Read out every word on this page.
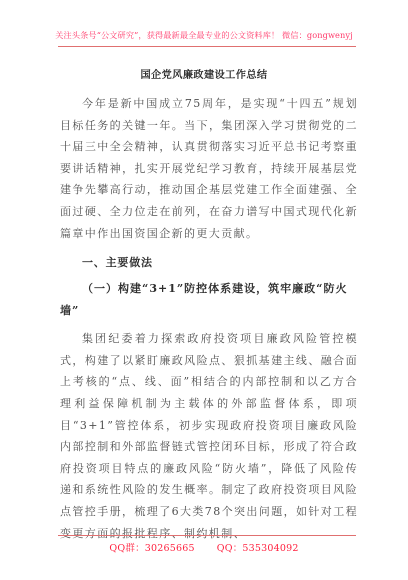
关注头条号“公文研究”，获得最新最全最专业的公文资料库！ 微信：gongwenyj
国企党风廉政建设工作总结

今年是新中国成立75周年，是实现“十四五”规划目标任务的关键一年。当下，集团深入学习贯彻党的二十届三中全会精神，认真贯彻落实习近平总书记考察重要讲话精神，扎实开展党纪学习教育，持续开展基层党建争先攀高行动，推动国企基层党建工作全面建强、全面过硬、全力位走在前列，在奋力谱写中国式现代化新篇章中作出国资国企新的更大贡献。

一、主要做法

（一）构建“3+1”防控体系建设，筑牢廉政“防火墙”

集团纪委着力探索政府投资项目廉政风险管控模式，构建了以紧盯廉政风险点、狠抓基建主线、融合面上考核的“点、线、面”相结合的内部控制和以乙方合理利益保障机制为主载体的外部监督体系，即项目“3+1”管控体系，初步实现政府投资项目廉政风险内部控制和外部监督链式管控闭环目标，形成了符合政府投资项目特点的廉政风险“防火墙”，降低了风险传递和系统性风险的发生概率。制定了政府投资项目风险点管控手册，梳理了6大类78个突出问题，如针对工程变更方面的报批程序、制约机制、

QQ群：30265665 QQ：535304092
